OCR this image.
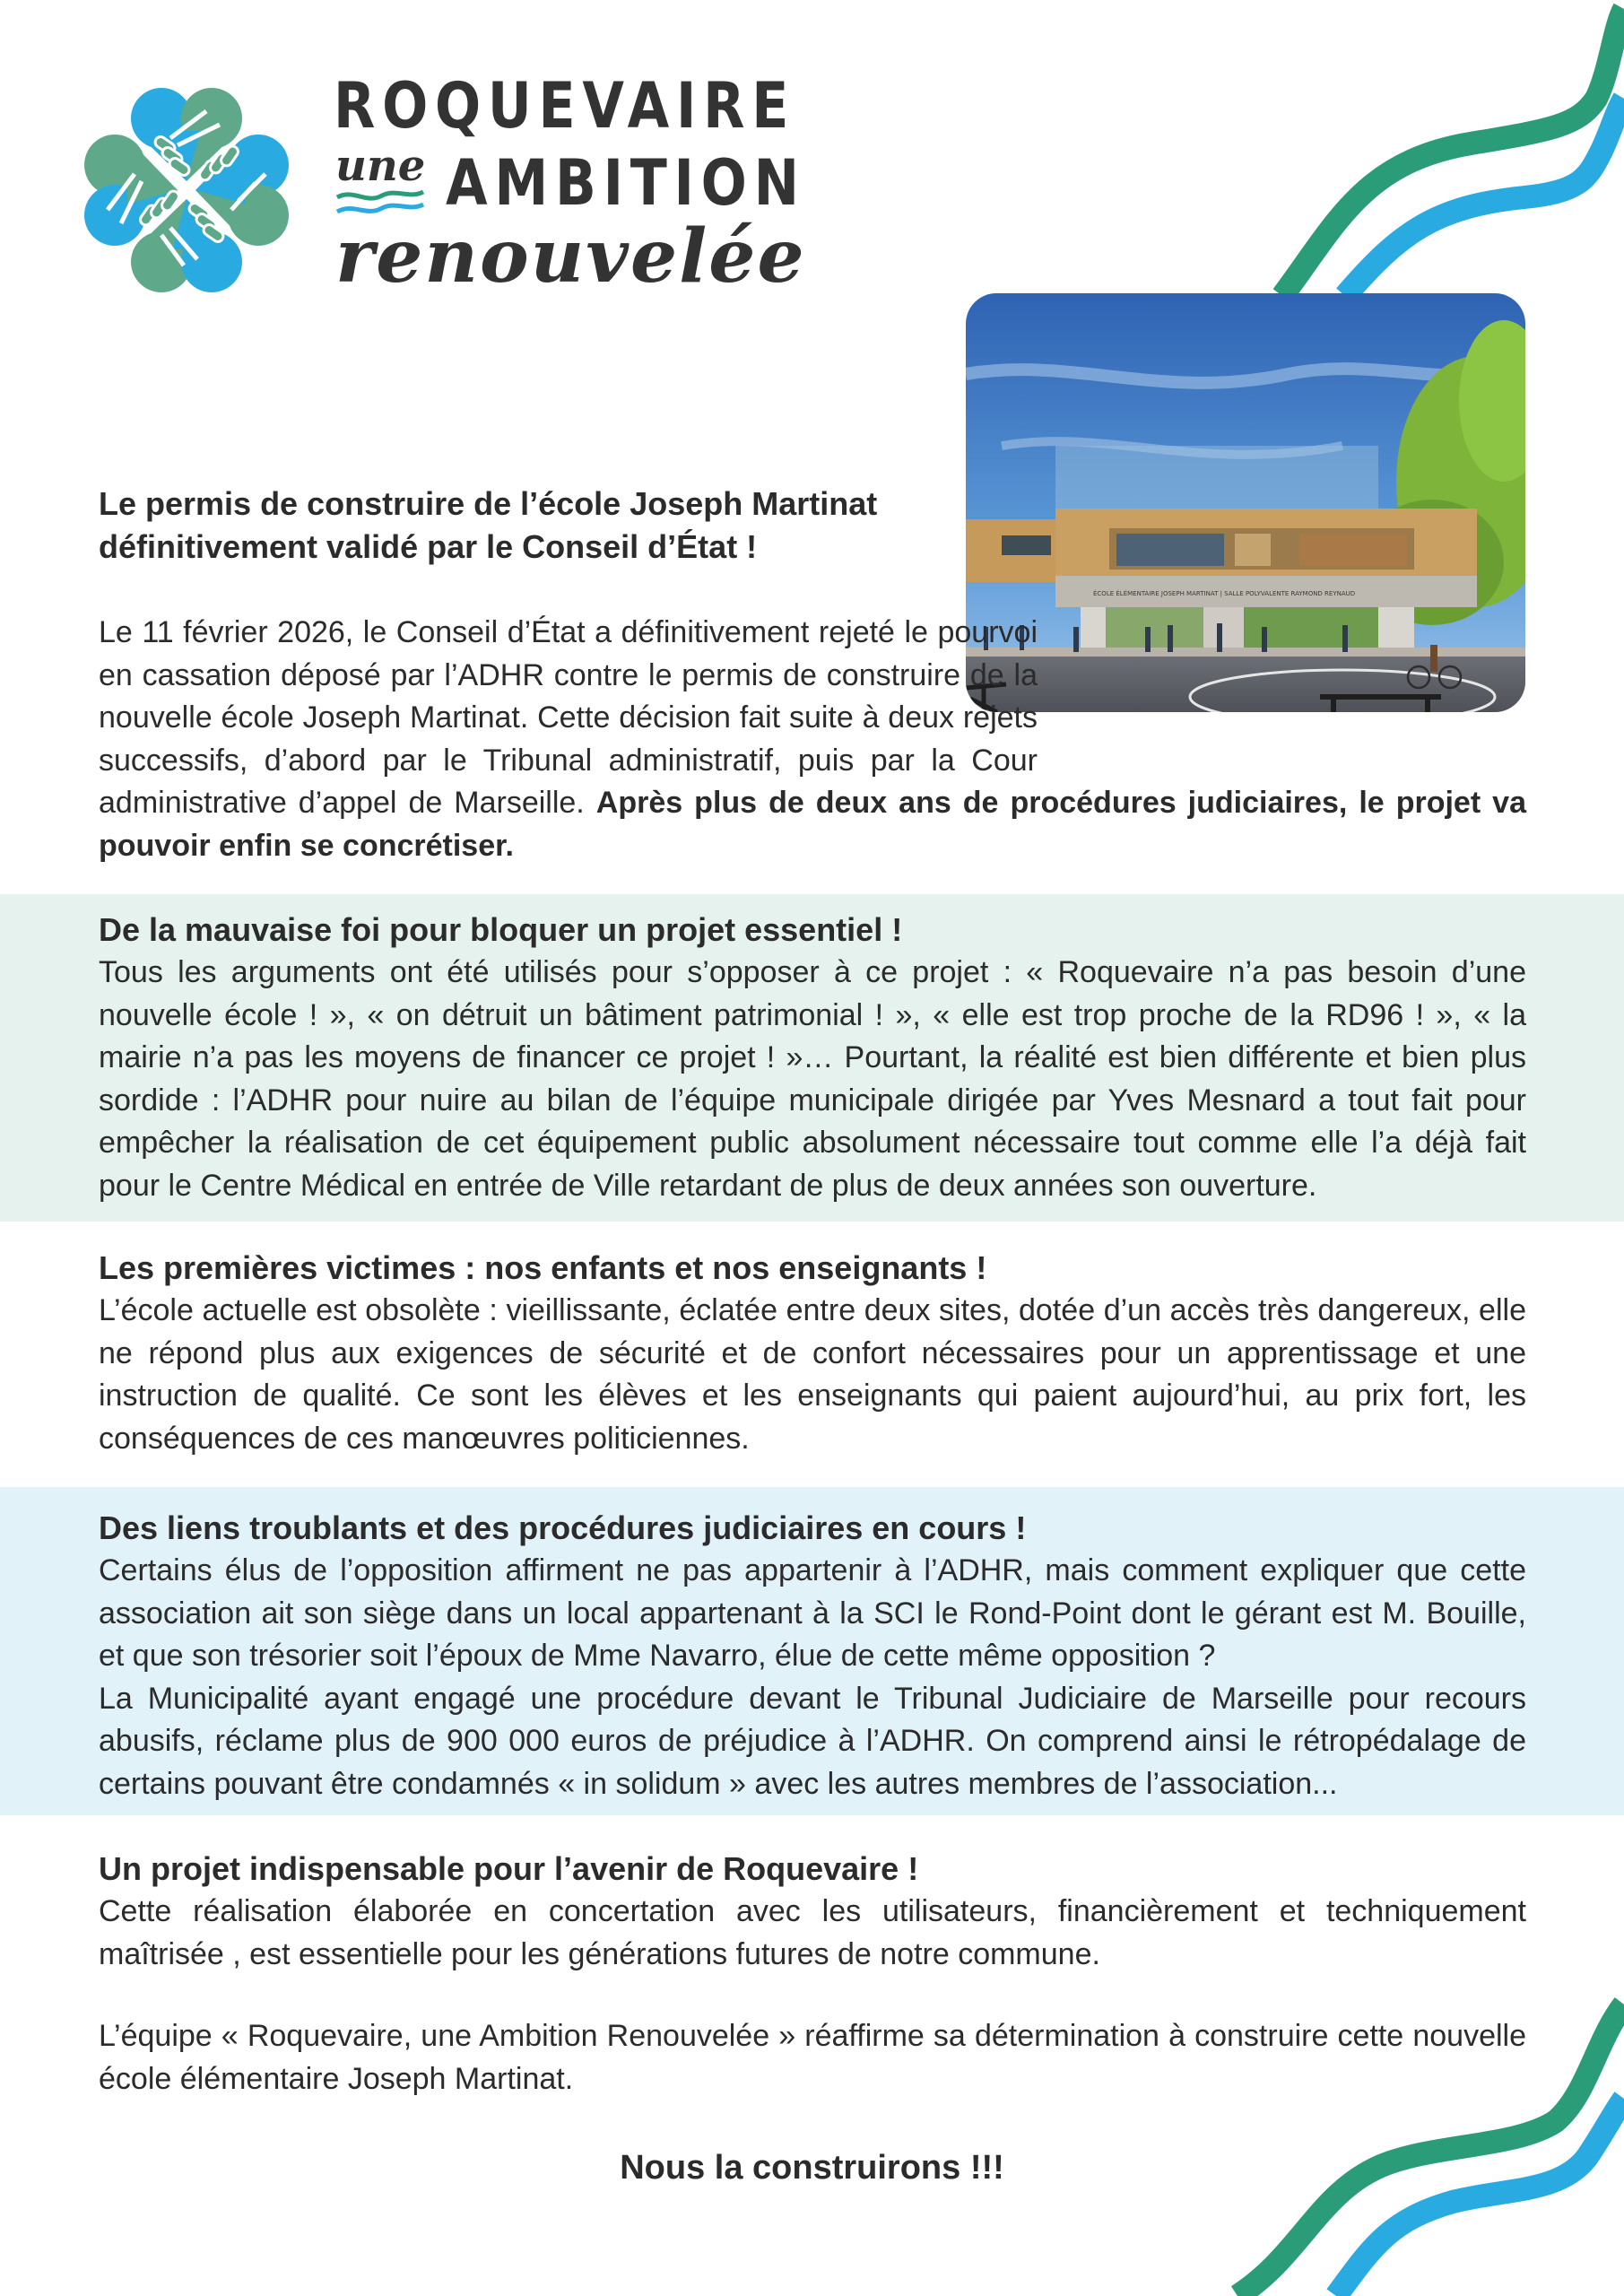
ROQUEVAIRE
une AMBITION
renouvelée
ÉCOLE ÉLÉMENTAIRE JOSEPH MARTINAT | SALLE POLYVALENTE RAYMOND REYNAUD

Le permis de construire de l’école Joseph Martinat

définitivement validé par le Conseil d’État !

Le 11 février 2026, le Conseil d’État a définitivement rejeté le pourvoi en cassation déposé par l’ADHR contre le permis de construire de la nouvelle école Joseph Martinat. Cette décision fait suite à deux rejets successifs, d’abord par le Tribunal administratif, puis par la Cour administrative d’appel de Marseille. Après plus de deux ans de procédures judiciaires, le projet va pouvoir enfin se concrétiser.

De la mauvaise foi pour bloquer un projet essentiel !

Tous les arguments ont été utilisés pour s’opposer à ce projet : « Roquevaire n’a pas besoin d’une nouvelle école ! », « on détruit un bâtiment patrimonial ! », « elle est trop proche de la RD96 ! », « la mairie n’a pas les moyens de financer ce projet ! »… Pourtant, la réalité est bien différente et bien plus sordide : l’ADHR pour nuire au bilan de l’équipe municipale dirigée par Yves Mesnard a tout fait pour empêcher la réalisation de cet équipement public absolument nécessaire tout comme elle l’a déjà fait pour le Centre Médical en entrée de Ville retardant de plus de deux années son ouverture.

Les premières victimes : nos enfants et nos enseignants !

L’école actuelle est obsolète : vieillissante, éclatée entre deux sites, dotée d’un accès très dangereux, elle ne répond plus aux exigences de sécurité et de confort nécessaires pour un apprentissage et une instruction de qualité. Ce sont les élèves et les enseignants qui paient aujourd’hui, au prix fort, les conséquences de ces manœuvres politiciennes.

Des liens troublants et des procédures judiciaires en cours !

Certains élus de l’opposition affirment ne pas appartenir à l’ADHR, mais comment expliquer que cette association ait son siège dans un local appartenant à la SCI le Rond-Point dont le gérant est M. Bouille, et que son trésorier soit l’époux de Mme Navarro, élue de cette même opposition ?

La Municipalité ayant engagé une procédure devant le Tribunal Judiciaire de Marseille pour recours abusifs, réclame plus de 900 000 euros de préjudice à l’ADHR. On comprend ainsi le rétropédalage de certains pouvant être condamnés « in solidum » avec les autres membres de l’association...

Un projet indispensable pour l’avenir de Roquevaire !

Cette réalisation élaborée en concertation avec les utilisateurs, financièrement et techniquement maîtrisée , est essentielle pour les générations futures de notre commune.

L’équipe « Roquevaire, une Ambition Renouvelée » réaffirme sa détermination à construire cette nouvelle école élémentaire Joseph Martinat.

Nous la construirons !!!
